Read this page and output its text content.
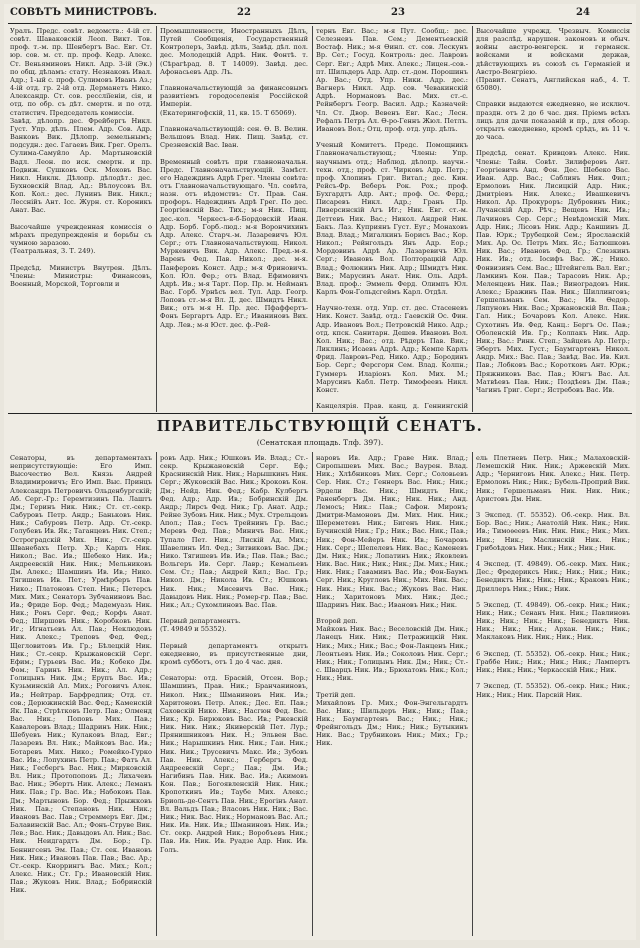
СОВѢТЪ МИНИСТРОВЪ.	22	23	24

Уралъ. Предс. совѣт. ведомств.: 4-ій ст. совѣт. Шаваковскій Леоп. Викт. Тов. проф. т.-м. пр. Шенбергъ Вас. Евг. Ст. юр. сов. м. ст. пр. проф. Кедр. Алекс. Ст. Веньяминовъ Никл. Адр. 3-ій (Эк.) по общ. дѣламъ: стату. Незнаковъ Ивал. Адр.; 1-ый с. проф. Сулимовъ Иванъ Аз.; 4-ій отд. гр. 2-ій отд. Дерманетъ Нико. Александр. Ст. сов. рессліїеніи, сія, и отд. по обр. съ дѣт. смертн. и по отд. статистич. Председатель комиссіи.
Завѣд. дѣлопр. дес. Фрейбергъ Никл. Густ. Упр. дѣлъ. Плем. Адр. Сов. Адр. Ванковъ Вик. Дѣлопр. земельнымъ; подсудн.: дес. Гагаевъ Вик. Грег. Орелъ. Сулима-Самуйло Ар. Мартыновскій Вадл. Леон. по иск. смертн. и пр. Подвиж. Сушковъ Оск. Моховъ Вас. Никл. Никлк. Дѣлопр. дѣлодѣт.: дес. Бухновскій Влад. Ад.: Вѣлоусовъ Вл. Коп. Кол.: дес. Лунинъ Вик. Никл.; Лесснійъ Ант. Ісс. Журн. ст. Короникъ Анат. Вас.

Высочайше учрежденная комиссія о мѣрахъ предупрежденія и борьбы съ чумною заразою.
(Театральная, 3. Т. 249).

Предсѣд. Министръ Внутрен. Дѣлъ. Члены: Министры: Финансовъ, Военный, Морской, Торговли и

Промышленности, Иностранныхъ Дѣлъ, Путей Сообщенія, Государственный Контролеръ, Завѣд. дѣлъ, Завѣд. дѣл. пол. дес. Молодецкій Адрѣ. Ник. Фонтѣ. т. (Сѣрагѣрад. 8. Т 14009). Завѣд. дес. Афонасьевъ Адр. Лъ.

Главноначальствующій за финансовымъ развитіемъ городоселенія Россійской Имперіи.
(Екатерингофскій, 11, кв. 15. Т 65069).

Главноначальствующій: сен. Ѳ. В. Велин. Вельшовъ Влад. Ник. Пищ. Завѣд. ст. Срезневскій Вас. Іван.

Временный совѣтъ при главноначальн. Предс. Главноначальствующій. Замѣст. его Надеждинъ Адрѣ Грег. Члены совѣта: отъ Главноначальствующаго. Чл. совѣта, назн. отъ вѣдомствъ: Ст. Прав. Сан. профоръ. Надеждинъ Адрѣ Грег. По дес. Георгіевскій Вас. Тих.; м-я Ник. Пищ. дес.-кол. Черкесъ-я-б-Бордовскій Иван. Адр. Борб. Горб.-люд.: м-я Ворончихинъ Адр. Алекс. Старч.-м. Лазаревичъ Юл. Серг.; отъ Главноначальствующ. Никол. Муркевичъ Вик. Адр. Алекс. Пред.-м-я. Варенъ Фед. Пав. Никол.; дес. м-я. Панферовъ Конст. Адр.; м-я Фриновичъ. Кол. Юл. Фер.; отъ Влад. Ефимовичъ Адрѣ. Ив.; м-я Тарт. Пор. Пр. м. Нейманъ Вас. Горб. Урнѣсъ вел. Тул. Адр. Геогр. Лоповъ ст.-м-я Вл. Д. дес. Шмидтъ Никл. Вик.; отъ м-я Н. Пр. дес. Пфаффертъ-Фонъ Бергартъ Адр. Ег.; Иваниновъ Вих. Адр. Лев.; м-я Юст. дес. ф.-Рей-

тернъ Евг. Вас.; м-я Пут. Сообщ.: дес. Селезневъ Пав. Сем.; Дементьевскій Востаф. Ник.; м-я Ѳинл. ст. сов. Лескунъ Вр. Сет.; Госуд. Контроль: дес. Лавровъ Серг. Евг.; Адрѣ Мих. Алекс.; Лицен.-сов.-пт. Шильдеръ Адр. Адр. ст.-дом. Порошинъ Ар. Вас.; Отд. Упр. Ники. Адр. дес.: Вагнеръ Никл. Адр. сов. Чевакинскій Адрѣ. Нормановъ Вас. Мих. ст.-с. Рейнбергъ Геогр. Васил. Адр.; Казначей: Чл. Ст. Двор. Вевенъ Евг. Кас.; Лесн. Рефалъ Петръ Ал. Ѳ-ро-Геннъ Жюл. Петлъ. Ивановъ Вол.; Отц. проф. отд. упр. дѣлъ.

Ученый Комитетъ. Предс. Помощникъ Главноначальствующ.; Члены: Упр. научнымъ отд.; Наблюд. дѣлопр. научн.-техн. отд.; проф. ст. Чирковъ Адр. Петр.; проф. Хлопинъ Григ. Витал.; дес. Кин. Рейсъ-Фр. Веберъ Рок. Рох.; проф. Бухгардтъ Адр. Ант.; проф. Ос. Ферд.; Писаревъ Никл. Адр.; Гранъ Пр. Ливерсинскій Агъ Иг.; Ник. Евг. ст.-м. Деттевъ Ник. Вас.; Никол. Андрей Ник. Бакъ. Лаз. Куприянъ Густ. Еуг.; Монаховъ Влад. Влад.; Мигалкинъ Борисъ Вас.; Кор. Никол.; Рейнгольдъ Янъ Адр. Еор.; Мордовинъ Адрѣ Ар. Лазаревичъ Юл. Серг.; Ивановъ Вол. Полторацкій Адр. Влад.; Фолюкинъ Ник. Адр.; Шмидтъ Ник. Вик.; Марусинъ Анат. Ник. Оль. Адрѣ. Влад. проф.: Эммель Ферд. Олимпъ Юл. Карлъ Фон-Гольдсгеймъ Карл. Отдѣл.

Научно-техн. отд. Упр. ст. дес. Стасеневъ Ник. Конст. Завѣд. отд.: Гаевскій Ос. Фин. Адр. Ивановъ Вол.; Петровскій Нико. Адр.; отд. кпск. Санитарн. Дешев. Ивановъ Вол. Кол. Ник.; Вас.; отд. Рѣдеръ Пав. Вик.; Ликлинъ; Исаевъ Адрѣ. Адр.; Кемпе Карлъ Фрид. Лавровъ-Ред. Нико. Адр.; Бородинъ Бор. Серг.; Ферсгорн Сем. Влад. Колпн.; Гуммеръ Иларіонъ Кол. Мих. М.; Марусинъ Кабл. Петр. Тимофеевъ Никл. Конст.

Канцелярія. Прав. канц. д. Геннингскій

Высочайше учрежд. Чрезвыч. Комиссія для разслѣд. нарушен. законовъ и обыч. войны австро-венгерск. и германск. войсками и войсками держав, дѣйствующихъ въ союзѣ съ Германіей и Австро-Венгріею.
(Правит. Сенатъ, Английская наб., 4. Т. 65080).

Справки выдаются ежедневно, не исключ. праздн. отъ 2 до 6 час. дня. Пріемъ всѣхъ лицъ для дачи показаній и пр., для обозр. открытъ ежедневно, кромѣ срѣдъ, въ 11 ч. до часа.

Предсѣд. сенат. Кривцовъ Алекс. Ник. Члены: Тайн. Совѣт. Зилиферовъ Ант. Георгіевичъ Анд. Фон. Дес. Шебеко Вас. Иван. Адр. Вас.; Саблинъ Ник. Фил.; Ермоловъ Ник. Лисицкій Адр. Ник.; Дмитріевъ Ник. Алекс.; Ивашкевичъ Никол. Ар. Прокуроръ: Дубровинъ Ник.; Лучанскій Адр. Рѣч.; Вещевъ Ник. Ив.; Лачиновъ Сер. Серг.; Невѣдомскій Мих. Адр. Ник.; Лісовъ Ник. Адр.; Каншинъ Д. Пав. Юрк.; Трубецкой Сем.; Ярославскій Мих. Ар. Ос. Петръ Мих. Яс.; Батюшковъ Ник. Вас.; Ивановъ Фед. Гр.; Слезкинъ Ник. Ив.; отд. Іосифъ Вас. Ж.; Нико. Фонвизинъ Сем. Вас.; Штейнгель Вал. Евг.; Ламкинъ Кон. Пав.; Тарасовъ Ник. Ар.; Меленцевъ Ник. Пав.; Виноградовъ Ник. Алекс.; Бражинъ Пав. Ник.; Шиллинговъ; Гершельманъ Сем. Вас.; Ив. Ѳедор. Ляпуновъ Ник. Вас.; Хржановскій Вл. Пав.; Гал. Ник.; Бочаровъ Кол. Алекс. Ник. Сухотинъ Ив. Фед. Канц.: Бергъ Ос. Пав.; Оболенскій Ив. Гр.; Колпакъ Ник. Адр. Ник.; Вас.: Ринк. Степ.; Зайцевъ Ар. Петр.; Эбертъ Мих. Густ.; Баумгартенъ Никол. Андр. Мих.: Вас. Пав.; Завѣд. Вас. Ив. Кил. Пав.; Лобковъ Вас.; Коротковъ Ант. Юрк.; Пряжниковъ Вас. Пав.; Юнгъ Вас. Ал. Матвѣевъ Пав. Ник.; Поздѣевъ Дм. Пав.; Чагинъ Григ. Серг.; Ястребовъ Вас. Ив.

ПРАВИТЕЛЬСТВУЮЩІЙ СЕНАТЪ.
(Сенатская площадь. Тлф. 397).

Сенаторы, въ департаментахъ неприсутствующіе: Его Имп. Высочество Вел. Князь Андрей Владимировичъ; Его Имп. Выс. Принцъ Александръ Петровичъ Ольденбургскій; Аб. Серг.-Гр.: Геремтизинъ Па. Лаштъ Дм.; Геринъ Ник. Ник.; Ст. ст.-секр. Сабуровъ Петр. Андр.; Баньковъ Ник. Ник.; Сабуровъ Петр. Адр. Ст.-секр. Голубевъ Ив. Як.; Таганцевъ Ник. Степ.; Остроградскій Мих. Ник.; Ст.-секр. Шванебахъ Петр. Хр.; Карпъ Ник. Никол.; Вас. Ив.; Шебеко Ник. Ив.; Андреевскій Ник. Ник.; Мельниковъ Дм. Алекс.; Шамшинъ Ив. Ив.; Нико. Тягишевъ Ив. Пет.; Урмѣрберъ Пав. Нико.; Платоновъ Степ. Ник.; Петерсъ Мих. Мих.; Сенаторъ Зубчаниновъ Вас. Ив.; Фриде Бор. Фед.; Мадемуазъ Ник. Ник.; Ронъ Серг. Фед.; Корфъ Анат. Фед.; Ширшовъ Ник.; Коробковъ Ник. Иг.; Игнатьевъ Ал. Пав.; Неклюдовъ Ник. Алекс.; Треповъ Фед. Фед.; Щегловитовъ Ив. Гр.; Бѣлецкій Ник. Ник.; Ст.-секр. Крыжановскій Серг. Ефим.; Гурьевъ Вас. Ив.; Кобеко Дм. Фом.; Гаринъ Ник. Ник.; Ал. Адр.; Голицынъ Ник. Дм.; Ерупъ Вас. Ив.; Кузьминскій Ал. Мих.; Роговичъ Алек. Ив.; Нейтрар. Барфредлик; Отд. ст. сов.; Дерюжинскій Вас. Фед.; Каменскій Як. Пав.; Стрѣтковъ Петр. Пав.; Олменд Вас. Ник.; Поповъ Мих. Пав.; Кавалеровъ Влад.; Шадринъ Ник. Ник.; Шебуевъ Ник.; Кулаковъ Влад. Евг.; Лазаревъ Вл. Ник.; Майковъ Вас. Ив.; Ботаревъ Мих. Нико.; Ромейко-Гурко Вас. Ив.; Лопухинъ Петр. Пав.; Фатъ Ал. Ник.; Гесбергъ Вас. Ник.; Мирковскій Вл. Ник.; Протопоповъ Д.; Лихачевъ Вас. Ник.; Эбертъ Ник. Алекс.; Леманъ Ник. Пав.; Гр. Вас. Ив.; Набоковъ Пав. Дм.; Мартыновъ Бор. Фед.; Прыжковъ Ник. Пав.; Степановъ Ник. Ник.; Ивановъ Вас. Пав.; Стреммеръ Евг. Дм.; Балавинскій Вас. Ал.; Фонъ-Струве Вик. Лев.; Вас. Ник.; Давыдовъ Ал. Ник.; Вас. Ник. Неидгардтъ Дм. Бор.; Гр. Беннигсенъ Эм. Пав.; Ст. сек. Ивановъ Ник. Ник.; Ивановъ Пав. Пав.; Вас. Ар.; Ст.-секр. Кноррингъ Вас. Мих.; Кол.; Алекс. Ник.; Ст. Гр.; Ивановскій Ник. Пав.; Жуковъ Ник. Влад.; Бобринскій Ник.

ровъ Адр. Ник.; Юшковъ Ив. Влад.; Ст.-секр. Крыжановскій Серг. Еф.; Краснинскій Ник. Ник.; Нарышкинъ Ник. Серг.; Жуковскій Вас. Ник.; Кроковъ Кон. Дм.; Нейд. Ник. Фед.; Кабр. Кулбергъ Фед. Адр.; Адр. Ив.; Бобринскій Дм. Андр.; Лирсъ Фед. Ник.; Гр. Анат. Адр.; Рейне Зубовъ Ник. Ник.; Мух. Стрельцовъ Апол.; Пав.; Гесъ Трейнинъ Гр. Вас.; Меревъ Фед. Пав.; Миничъ Вас. Ник.; Тупало Пет. Ник.; Лискій Ад. Мих.; Шавелинъ Ил. Фед.; Зитвиковъ Вас. Дм.; Нико. Тягишевъ Ив. Ив.; Пав. Пав.; Вас.; Вольгеръ Ив. Серг. Лавр.; Кемальевъ Сем. Ст.; Пав.; Андрей Кил.; Вас. Гр.; Никол. Дм.; Никола Ив. Ст.; Юшковъ Ник. Ник.; Мисевичъ Вас. Ник.; Давыдовъ Ник. Ник.; Ромер-гр. Пав.; Вас. Ник.; Ал.; Сухомлиновъ Вас. Пав.

Первый департаментъ.
(Т. 49849 и 55352).

Первый департаментъ открытъ ежедневно, въ присутственные дни, кромѣ субботъ, отъ 1 до 4 час. дня.

Сенаторы: отд. Брасвій, Отсен. Вор.; Шамшинъ, Прав. Ник.; Бранчаниновъ, Никол. Ник.; Шманиновъ Ник. Ив.; Харитоновъ Петр. Алек.; Дес. Еп. Пав.; Саховскій Нико. Ник.; Насгюн Фед. Вас. Ник.; Кр. Бирюковъ Вас. Ив.; Ржевскій Ник. Ник. Ник.; Якиверскій Пет. Лур.; Прянишниковъ Ник. Н.; Эльвен Вас. Ник.; Нарышкинъ Ник. Ник.; Гаи. Ник.; Ник. Ник.; Трусевичъ Макс. Ив.; Зубовъ Пав. Ник. Алекс.; Гербергъ Фед. Андреевскій Серг.; Пав.; Дм. Ив.; Нагибинъ Пав. Ник. Вас. Ив.; Акимовъ Кон. Пав.; Богоявленскій Ник. Ник.; Кропоткинъ Ив.; Таубе Мих. Алекс.; Бриоль-де-Сентъ Пав. Ник.; Ерогінъ Анат. Вл. Вальдъ Пав.; Власовъ Ник. Ник.; Вас. Ник.; Ник. Вас. Ник.; Нормановъ Вас. Ал.; Ник. Ив. Ник. Ив.; Шманиновъ Ник. Ив.; Ст. секр. Андрей Ник.; Воробъевъ Ник.; Пав. Ив. Ник. Ив. Руадзе Адр. Ник. Ив. Голъ.

наровъ Ив. Адр.; Граве Ник. Влад.; Сиропышевъ Мих. Вас.; Ваурен. Влад. Ник.; Хлѣбниковъ Мих. Серг.; Соловьевъ Сер. Ник. Ст.; Геннеръ Вас. Ник.; Ник.; Эрдели Вас. Ник.; Шмидтъ Ник.; Раненбергъ Дм. Ник.; Ник. Ник.; Анд. Лемосъ; Ник.: Пав.; Сафон. Миронъ; Дмитри-Мамоновъ Дм. Мих. Ник. Ник.; Шереметевъ Ник.; Бигенъ Ник. Ник.; Бучинскій Ник.; Гр.; Ник.; Вас. Ник.; Пав.; Ник.; Фон-Мейеръ Ник. Ив.; Бочаровъ Ник. Серг.; Шепелевъ Ник. Вас.; Каменевъ Дм. Ник.; Ник.; Лопатинъ Ник.; Яковлевъ Ник. Вас. Ник.; Ник.; Ник.; Дм. Мих.; Ник.; Ник. Ник.; Гаваминъ Вас. Ив.; Фон-Баумъ Серг. Ник.; Кругловъ Ник.; Мих. Ник. Вас.; Ник. Ник.; Ник. Вас.; Жуковъ Вас. Ник. Ник.; Харитоновъ Мих. Ник.; Дес.; Шадринъ Ник. Вас.; Ивановъ Ник.; Ник.

Второй деп.
Майковъ Ник. Вас.; Веселовскій Дм. Ник.; Ланецъ Ник. Ник.; Петражицкій Ник. Ник.; Мих.; Ник.; Вас.; Фон-Ланценъ Ник.; Леонтьевъ Ник. Ив.; Соколовъ Ник. Серг.; Ник.; Ник.; Голицынъ Ник. Дм.; Ник.; Ст.-с. Шварцъ Ник. Ив.; Брюхатовъ Ник.; Кол.; Ник.; Ник.

Третій деп.
Михайловъ Гр. Мих.; Фон-Энгельгардтъ Вас. Ник.; Шильдеръ Ник.; Ник.; Пав.; Ник.; Баумгартенъ Вас.; Ник.; Ник.; Фрейнгольдъ Дм.; Ник.; Ник.; Бутыкинъ Ник. Вас.; Трубниковъ Ник.; Мих.; Гр.; Ник.

ель Плетневъ Петр. Ник.; Малаховскій-Лемешскій Ник. Ник.; Аржевскій Мих. Адр.; Черниговъ Ник. Алекс.; Ник. Петр. Ермоловъ Ник.; Ник.; Бубель-Проприй Вик. Ник.; Гершельманъ Ник. Ник. Ник.; Аристовъ Дм. Ник.

З Экспед. (Т. 55352). Об.-секр. Ник. Вл. Бор. Вас.; Ник.; Анатолій Ник. Ник.; Ник. Ив.; Тимоѳеевъ Ник. Ник. Ник.; Ник.; Мих. Ник.; Ник.; Маслинскій Ник. Ник.; Грибоѣдовъ Ник. Ник.; Ник.; Ник.; Ник.

4 Экспед. (Т. 49849). Об.-секр. Мих. Ник.; Дес.; Фредериксъ Ник.; Ник.; Ник.; Ник.; Бенедиктъ Ник.; Ник.; Ник.; Краковъ Ник.; Дриллеръ Ник.; Ник.; Ник.

5 Экспед. (Т. 49849). Об.-секр. Ник.; Ник.; Ник.; Ник.; Сенанъ Ник. Ник.; Павлиновъ Ник.; Ник.; Ник.; Ник.; Бенедиктъ Ник. Ник.; Ник.; Ник.; Архан. Ник.; Ник.; Маклаковъ Ник. Ник.; Ник.; Ник.

6 Экспед. (Т. 55352). Об.-секр. Ник.; Ник.; Граббе Ник.; Ник.; Ник.; Ник.; Лампертъ Ник.; Ник.; Ник.; Черкасскій Ник.; Ник.

7 Экспед. (Т. 55352). Об.-секр. Ник.; Ник.; Ник.; Ник.; Ник. Парсвій Ник.
